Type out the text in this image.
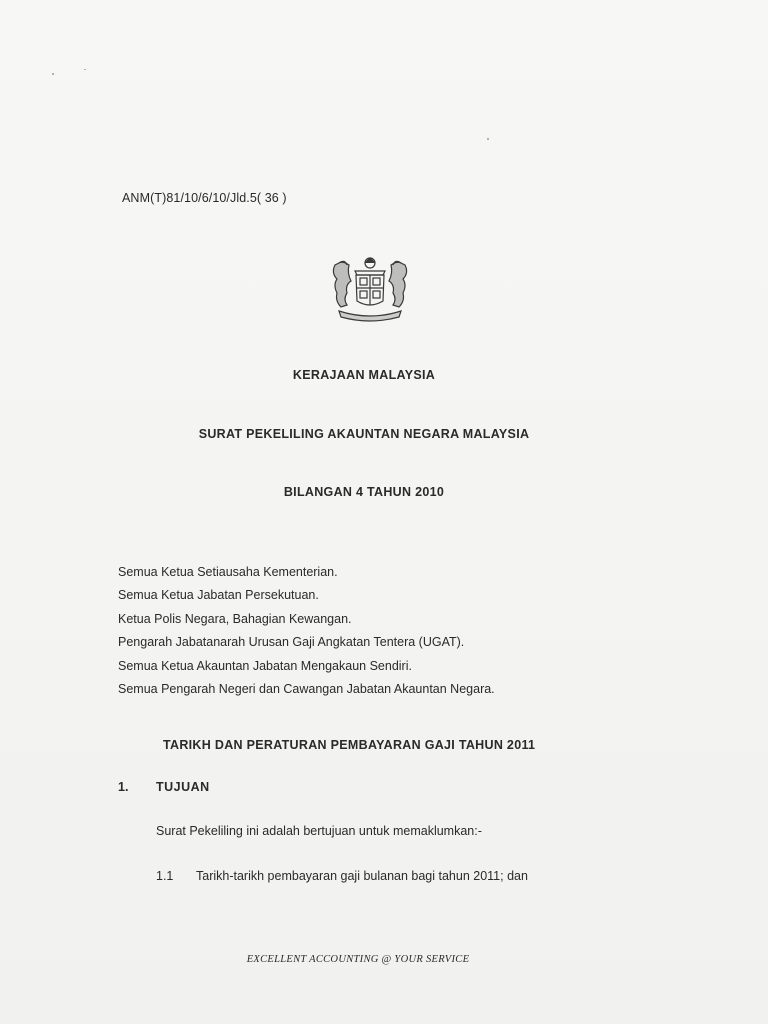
ANM(T)81/10/6/10/Jld.5( 36 )
KERAJAAN MALAYSIA
SURAT PEKELILING AKAUNTAN NEGARA MALAYSIA
BILANGAN 4 TAHUN 2010
Semua Ketua Setiausaha Kementerian.
Semua Ketua Jabatan Persekutuan.
Ketua Polis Negara, Bahagian Kewangan.
Pengarah Jabatanarah Urusan Gaji Angkatan Tentera (UGAT).
Semua Ketua Akauntan Jabatan Mengakaun Sendiri.
Semua Pengarah Negeri dan Cawangan Jabatan Akauntan Negara.
TARIKH DAN PERATURAN PEMBAYARAN GAJI TAHUN 2011
1. TUJUAN
Surat Pekeliling ini adalah bertujuan untuk memaklumkan:-
1.1 Tarikh-tarikh pembayaran gaji bulanan bagi tahun 2011; dan
EXCELLENT ACCOUNTING @ YOUR SERVICE
